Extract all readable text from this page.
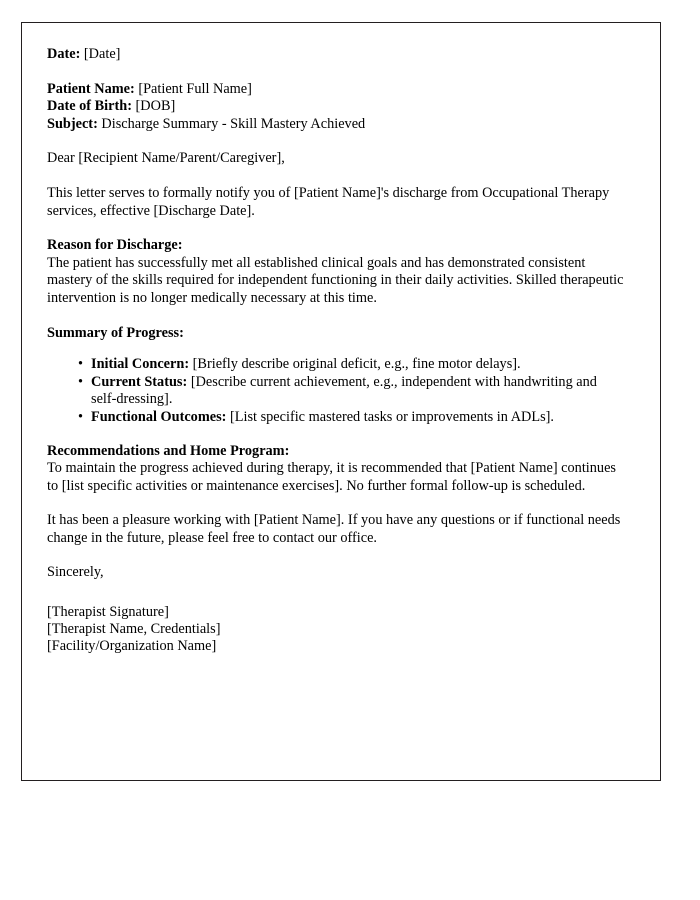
Date: [Date]
Patient Name: [Patient Full Name]
Date of Birth: [DOB]
Subject: Discharge Summary - Skill Mastery Achieved

Dear [Recipient Name/Parent/Caregiver],

This letter serves to formally notify you of [Patient Name]'s discharge from Occupational Therapy services, effective [Discharge Date].

Reason for Discharge:

The patient has successfully met all established clinical goals and has demonstrated consistent mastery of the skills required for independent functioning in their daily activities. Skilled therapeutic intervention is no longer medically necessary at this time.

Summary of Progress:

• Initial Concern: [Briefly describe original deficit, e.g., fine motor delays].
• Current Status: [Describe current achievement, e.g., independent with handwriting and self-dressing].
• Functional Outcomes: [List specific mastered tasks or improvements in ADLs].

Recommendations and Home Program:

To maintain the progress achieved during therapy, it is recommended that [Patient Name] continues to [list specific activities or maintenance exercises]. No further formal follow-up is scheduled.

It has been a pleasure working with [Patient Name]. If you have any questions or if functional needs change in the future, please feel free to contact our office.

Sincerely,

[Therapist Signature]
[Therapist Name, Credentials]
[Facility/Organization Name]
